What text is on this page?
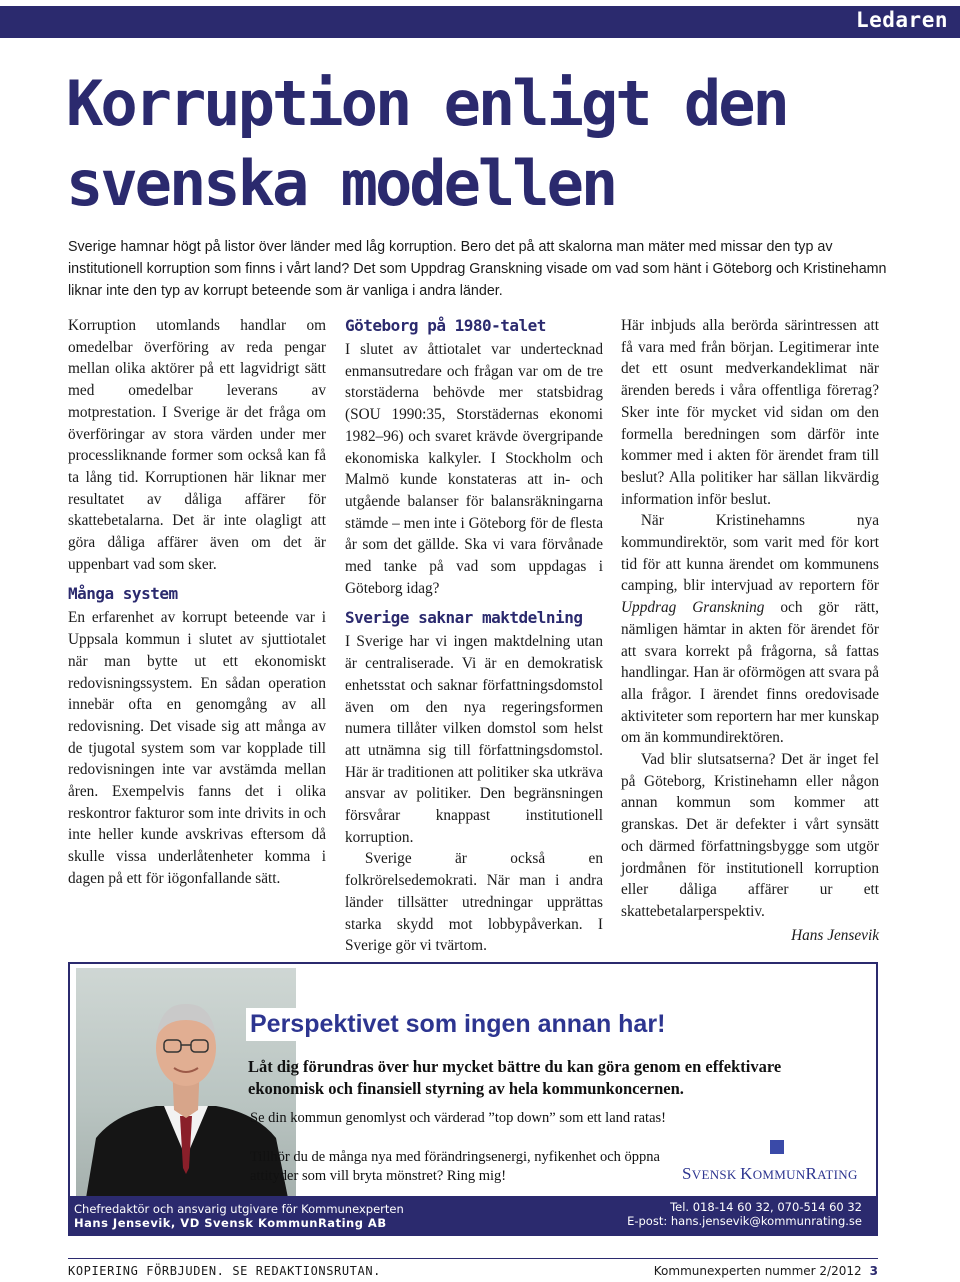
Ledaren
Korruption enligt den
svenska modellen

Sverige hamnar högt på listor över länder med låg korruption. Bero det på att skalorna man mäter med missar den typ av institutionell korruption som finns i vårt land? Det som Uppdrag Granskning visade om vad som hänt i Göteborg och Kristinehamn liknar inte den typ av korrupt beteende som är vanliga i andra länder.

Korruption utomlands handlar om omedelbar överföring av reda pengar mellan olika aktörer på ett lagvidrigt sätt med omedelbar leverans av motprestation. I Sverige är det fråga om överföringar av stora värden under mer processliknande former som också kan få ta lång tid. Korruptionen här liknar mer resultatet av dåliga affärer för skattebetalarna. Det är inte olagligt att göra dåliga affärer även om det är uppenbart vad som sker.

Många system

En erfarenhet av korrupt beteende var i Uppsala kommun i slutet av sjuttiotalet när man bytte ut ett ekonomiskt redovisningssystem. En sådan operation innebär ofta en genomgång av all redovisning. Det visade sig att många av de tjugotal system som var kopplade till redovisningen inte var avstämda mellan åren. Exempelvis fanns det i olika reskontror fakturor som inte drivits in och inte heller kunde avskrivas eftersom då skulle vissa underlåtenheter komma i dagen på ett för iögonfallande sätt.

Göteborg på 1980-talet

I slutet av åttiotalet var undertecknad enmansutredare och frågan var om de tre storstäderna behövde mer statsbidrag (SOU 1990:35, Storstädernas ekonomi 1982–96) och svaret krävde övergripande ekonomiska kalkyler. I Stockholm och Malmö kunde konstateras att in- och utgående balanser för balansräkningarna stämde – men inte i Göteborg för de flesta år som det gällde. Ska vi vara förvånade med tanke på vad som uppdagas i Göteborg idag?

Sverige saknar maktdelning

I Sverige har vi ingen maktdelning utan är centraliserade. Vi är en demokratisk enhetsstat och saknar författningsdomstol även om den nya regeringsformen numera tillåter vilken domstol som helst att utnämna sig till författningsdomstol. Här är traditionen att politiker ska utkräva ansvar av politiker. Den begränsningen försvårar knappast institutionell korruption.

Sverige är också en folkrörelsedemokrati. När man i andra länder tillsätter utredningar upprättas starka skydd mot lobbypåverkan. I Sverige gör vi tvärtom.

Här inbjuds alla berörda särintressen att få vara med från början. Legitimerar inte det ett osunt medverkandeklimat när ärenden bereds i våra offentliga förетag? Sker inte för mycket vid sidan om den formella beredningen som därför inte kommer med i akten för ärendet fram till beslut? Alla politiker har sällan likvärdig information inför beslut.

När Kristinehamns nya kommundirektör, som varit med för kort tid för att kunna ärendet om kommunens camping, blir intervjuad av reportern för Uppdrag Granskning och gör rätt, nämligen hämtar in akten för ärendet för att svara korrekt på frågorna, så fattas handlingar. Han är oförmögen att svara på alla frågor. I ärendet finns oredovisade aktiviteter som reportern har mer kunskap om än kommundirektören.

Vad blir slutsatserna? Det är inget fel på Göteborg, Kristinehamn eller någon annan kommun som kommer att granskas. Det är defekter i vårt synsätt och därmed författningsbygge som utgör jordmånen för institutionell korruption eller dåliga affärer ur ett skattebetalarperspektiv.

Hans Jensevik
Perspektivet som ingen annan har!

Låt dig förundras över hur mycket bättre du kan göra genom en effektivare ekonomisk och finansiell styrning av hela kommunkoncernen.

Se din kommun genomlyst och värderad ”top down” som ett land ratas!

Tillhör du de många nya med förändringsenergi, nyfikenhet och öppna attityder som vill bryta mönstret? Ring mig!	SVENSK KOMMUNRATING
Chefredaktör och ansvarig utgivare för Kommunexperten
Hans Jensevik, VD Svensk KommunRating AB
Tel. 018-14 60 32, 070-514 60 32
E-post: hans.jensevik@kommunrating.se
KOPIERING FÖRBJUDEN. SE REDAKTIONSRUTAN.	Kommunexperten nummer 2/2012 3
